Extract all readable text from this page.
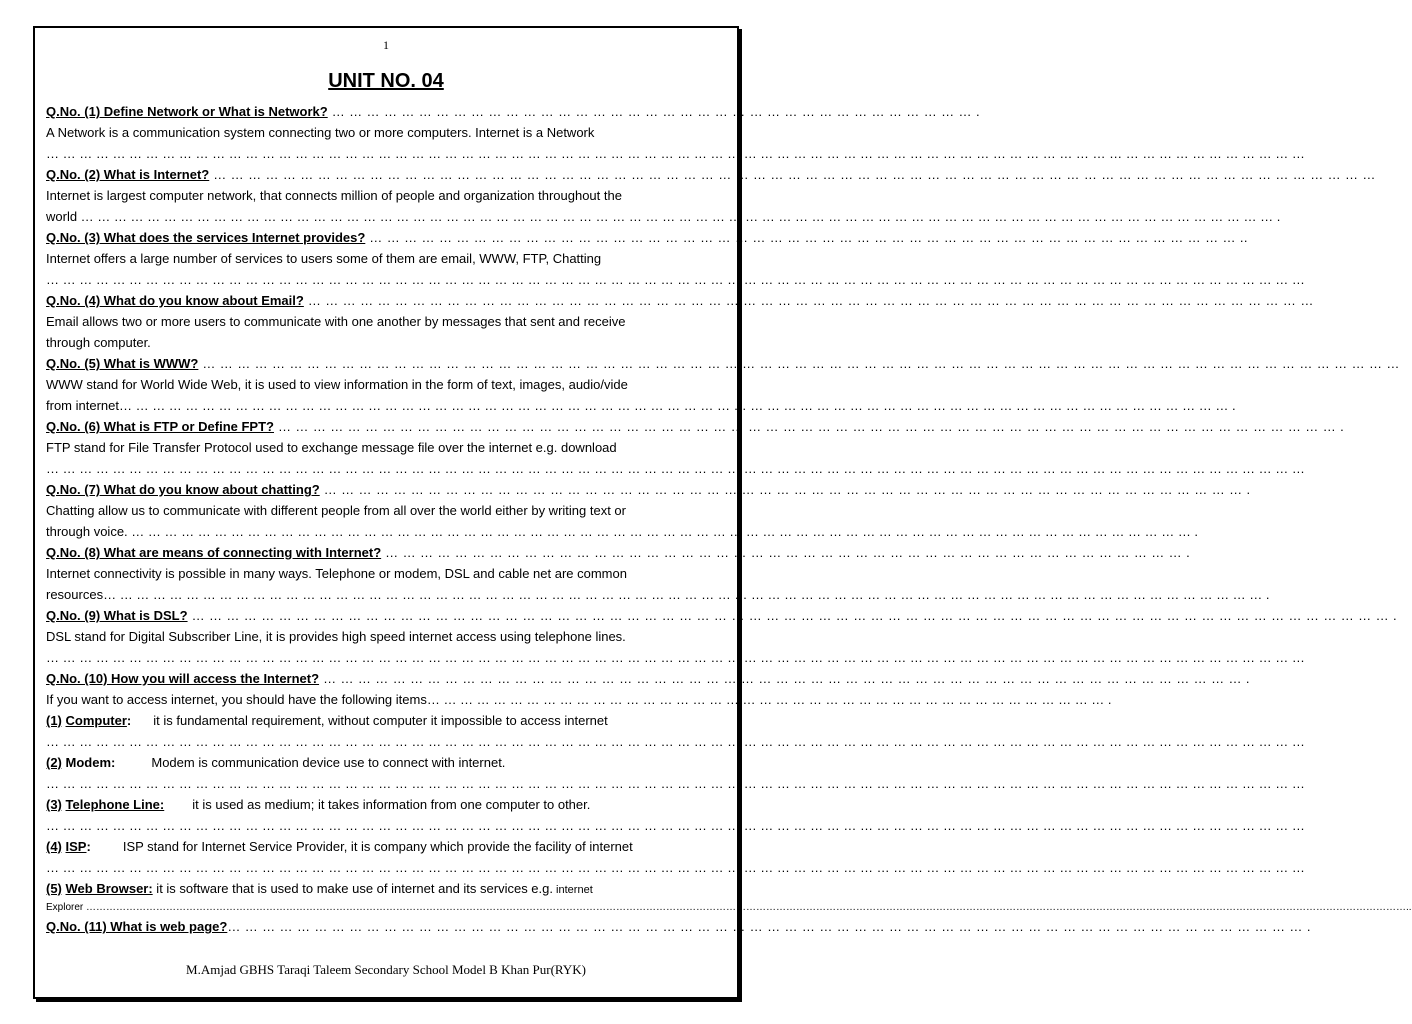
1
UNIT NO. 04
Q.No. (1) Define Network or What is Network? … … … … … … … … … … … … … … … … … … … … … … … … … … … … … … … … … … … … … .
A Network is a communication system connecting two or more computers. Internet is a Network
… … … … … … … … … … … … … … … … … … … … … … … … … … … … … … … … … … … … … … … … … … … … … … … … … … … … … … … … … … … … … … … … … … … … … … … … … … … …
Q.No. (2) What is Internet? … … … … … … … … … … … … … … … … … … … … … … … … … … … … … … … … … … … … … … … … … … … … … … … … … … … … … … … … … … … … … … … … … … …
Internet is largest computer network, that connects million of people and organization throughout the
world … … … … … … … … … … … … … … … … … … … … … … … … … … … … … … … … … … … … … … … … … … … … … … … … … … … … … … … … … … … … … … … … … … … … … … … … .
Q.No. (3) What does the services Internet provides? … … … … … … … … … … … … … … … … … … … … … … … … … … … … … … … … … … … … … … … … … … … … … … … … … … ..
Internet offers a large number of services to users some of them are email, WWW, FTP, Chatting
… … … … … … … … … … … … … … … … … … … … … … … … … … … … … … … … … … … … … … … … … … … … … … … … … … … … … … … … … … … … … … … … … … … … … … … … … … … …
Q.No. (4) What do you know about Email? … … … … … … … … … … … … … … … … … … … … … … … … … … … … … … … … … … … … … … … … … … … … … … … … … … … … … … … … … …
Email allows two or more users to communicate with one another by messages that sent and receive
through computer.
Q.No. (5) What is WWW? … … … … … … … … … … … … … … … … … … … … … … … … … … … … … … … … … … … … … … … … … … … … … … … … … … … … … … … … … … … … … … … … … … … … …
WWW stand for World Wide Web, it is used to view information in the form of text, images, audio/vide
from internet… … … … … … … … … … … … … … … … … … … … … … … … … … … … … … … … … … … … … … … … … … … … … … … … … … … … … … … … … … … … … … … … … … … .
Q.No. (6) What is FTP or Define FPT? … … … … … … … … … … … … … … … … … … … … … … … … … … … … … … … … … … … … … … … … … … … … … … … … … … … … … … … … … … … … … .
FTP stand for File Transfer Protocol used to exchange message file over the internet e.g. download
… … … … … … … … … … … … … … … … … … … … … … … … … … … … … … … … … … … … … … … … … … … … … … … … … … … … … … … … … … … … … … … … … … … … … … … … … … … …
Q.No. (7) What do you know about chatting? … … … … … … … … … … … … … … … … … … … … … … … … … … … … … … … … … … … … … … … … … … … … … … … … … … … … … .
Chatting allow us to communicate with different people from all over the world either by writing text or
through voice. … … … … … … … … … … … … … … … … … … … … … … … … … … … … … … … … … … … … … … … … … … … … … … … … … … … … … … … … … … … … … … … … .
Q.No. (8) What are means of connecting with Internet? … … … … … … … … … … … … … … … … … … … … … … … … … … … … … … … … … … … … … … … … … … … … … … .
Internet connectivity is possible in many ways. Telephone or modem, DSL and cable net are common
resources… … … … … … … … … … … … … … … … … … … … … … … … … … … … … … … … … … … … … … … … … … … … … … … … … … … … … … … … … … … … … … … … … … … … … … .
Q.No. (9) What is DSL? … … … … … … … … … … … … … … … … … … … … … … … … … … … … … … … … … … … … … … … … … … … … … … … … … … … … … … … … … … … … … … … … … … … … … .
DSL stand for Digital Subscriber Line, it is provides high speed internet access using telephone lines.
… … … … … … … … … … … … … … … … … … … … … … … … … … … … … … … … … … … … … … … … … … … … … … … … … … … … … … … … … … … … … … … … … … … … … … … … … … … …
Q.No. (10) How you will access the Internet? … … … … … … … … … … … … … … … … … … … … … … … … … … … … … … … … … … … … … … … … … … … … … … … … … … … … … .
If you want to access internet, you should have the following items… … … … … … … … … … … … … … … … … … … … … … … … … … … … … … … … … … … … … … … … … .
(1) Computer: it is fundamental requirement, without computer it impossible to access internet
… … … … … … … … … … … … … … … … … … … … … … … … … … … … … … … … … … … … … … … … … … … … … … … … … … … … … … … … … … … … … … … … … … … … … … … … … … … …
(2) Modem:	Modem is communication device use to connect with internet.
… … … … … … … … … … … … … … … … … … … … … … … … … … … … … … … … … … … … … … … … … … … … … … … … … … … … … … … … … … … … … … … … … … … … … … … … … … … …
(3) Telephone Line: it is used as medium; it takes information from one computer to other.
… … … … … … … … … … … … … … … … … … … … … … … … … … … … … … … … … … … … … … … … … … … … … … … … … … … … … … … … … … … … … … … … … … … … … … … … … … … …
(4) ISP: ISP stand for Internet Service Provider, it is company which provide the facility of internet
… … … … … … … … … … … … … … … … … … … … … … … … … … … … … … … … … … … … … … … … … … … … … … … … … … … … … … … … … … … … … … … … … … … … … … … … … … … …
(5) Web Browser: it is software that is used to make use of internet and its services e.g. internet
Explorer ………………………………………………………………………………………………………………………………………………………………………………………………………………………………………………………………………………………………………………………………………………………………..
Q.No. (11) What is web page?… … … … … … … … … … … … … … … … … … … … … … … … … … … … … … … … … … … … … … … … … … … … … … … … … … … … … … … … … … … … … … .
M.Amjad GBHS Taraqi Taleem Secondary School Model B Khan Pur(RYK)
